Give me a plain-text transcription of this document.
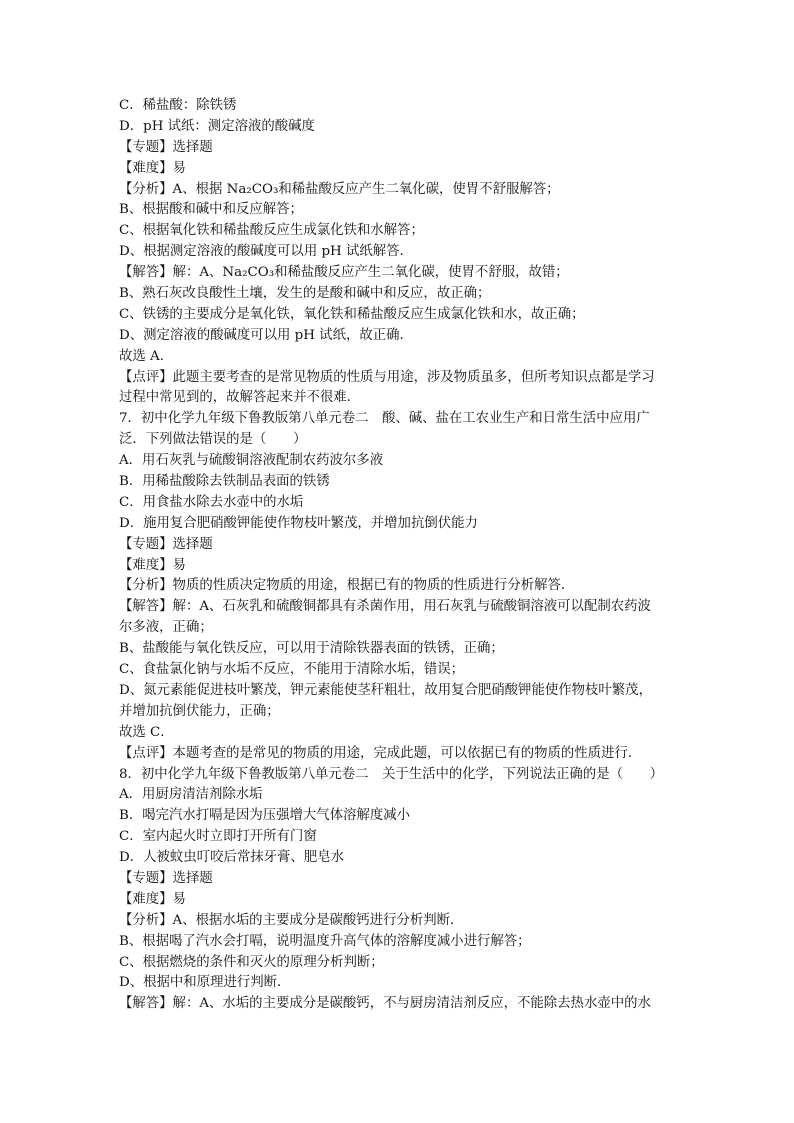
C．稀盐酸：除铁锈
D．pH 试纸：测定溶液的酸碱度
【专题】选择题
【难度】易
【分析】A、根据 Na₂CO₃和稀盐酸反应产生二氧化碳，使胃不舒服解答；
B、根据酸和碱中和反应解答；
C、根据氧化铁和稀盐酸反应生成氯化铁和水解答；
D、根据测定溶液的酸碱度可以用 pH 试纸解答．
【解答】解：A、Na₂CO₃和稀盐酸反应产生二氧化碳，使胃不舒服，故错；
B、熟石灰改良酸性土壤，发生的是酸和碱中和反应，故正确；
C、铁锈的主要成分是氧化铁，氧化铁和稀盐酸反应生成氯化铁和水，故正确；
D、测定溶液的酸碱度可以用 pH 试纸，故正确．
故选 A．
【点评】此题主要考查的是常见物质的性质与用途，涉及物质虽多，但所考知识点都是学习
过程中常见到的，故解答起来并不很难．
7．初中化学九年级下鲁教版第八单元卷二　酸、碱、盐在工农业生产和日常生活中应用广
泛．下列做法错误的是（　　）
A．用石灰乳与硫酸铜溶液配制农药波尔多液
B．用稀盐酸除去铁制品表面的铁锈
C．用食盐水除去水壶中的水垢
D．施用复合肥硝酸钾能使作物枝叶繁茂，并增加抗倒伏能力
【专题】选择题
【难度】易
【分析】物质的性质决定物质的用途，根据已有的物质的性质进行分析解答．
【解答】解：A、石灰乳和硫酸铜都具有杀菌作用，用石灰乳与硫酸铜溶液可以配制农药波
尔多液，正确；
B、盐酸能与氧化铁反应，可以用于清除铁器表面的铁锈，正确；
C、食盐氯化钠与水垢不反应，不能用于清除水垢，错误；
D、氮元素能促进枝叶繁茂，钾元素能使茎秆粗壮，故用复合肥硝酸钾能使作物枝叶繁茂，
并增加抗倒伏能力，正确；
故选 C．
【点评】本题考查的是常见的物质的用途，完成此题，可以依据已有的物质的性质进行．
8．初中化学九年级下鲁教版第八单元卷二　关于生活中的化学，下列说法正确的是（　　）
A．用厨房清洁剂除水垢
B．喝完汽水打嗝是因为压强增大气体溶解度减小
C．室内起火时立即打开所有门窗
D．人被蚊虫叮咬后常抹牙膏、肥皂水
【专题】选择题
【难度】易
【分析】A、根据水垢的主要成分是碳酸钙进行分析判断．
B、根据喝了汽水会打嗝，说明温度升高气体的溶解度减小进行解答；
C、根据燃烧的条件和灭火的原理分析判断；
D、根据中和原理进行判断．
【解答】解：A、水垢的主要成分是碳酸钙，不与厨房清洁剂反应，不能除去热水壶中的水
